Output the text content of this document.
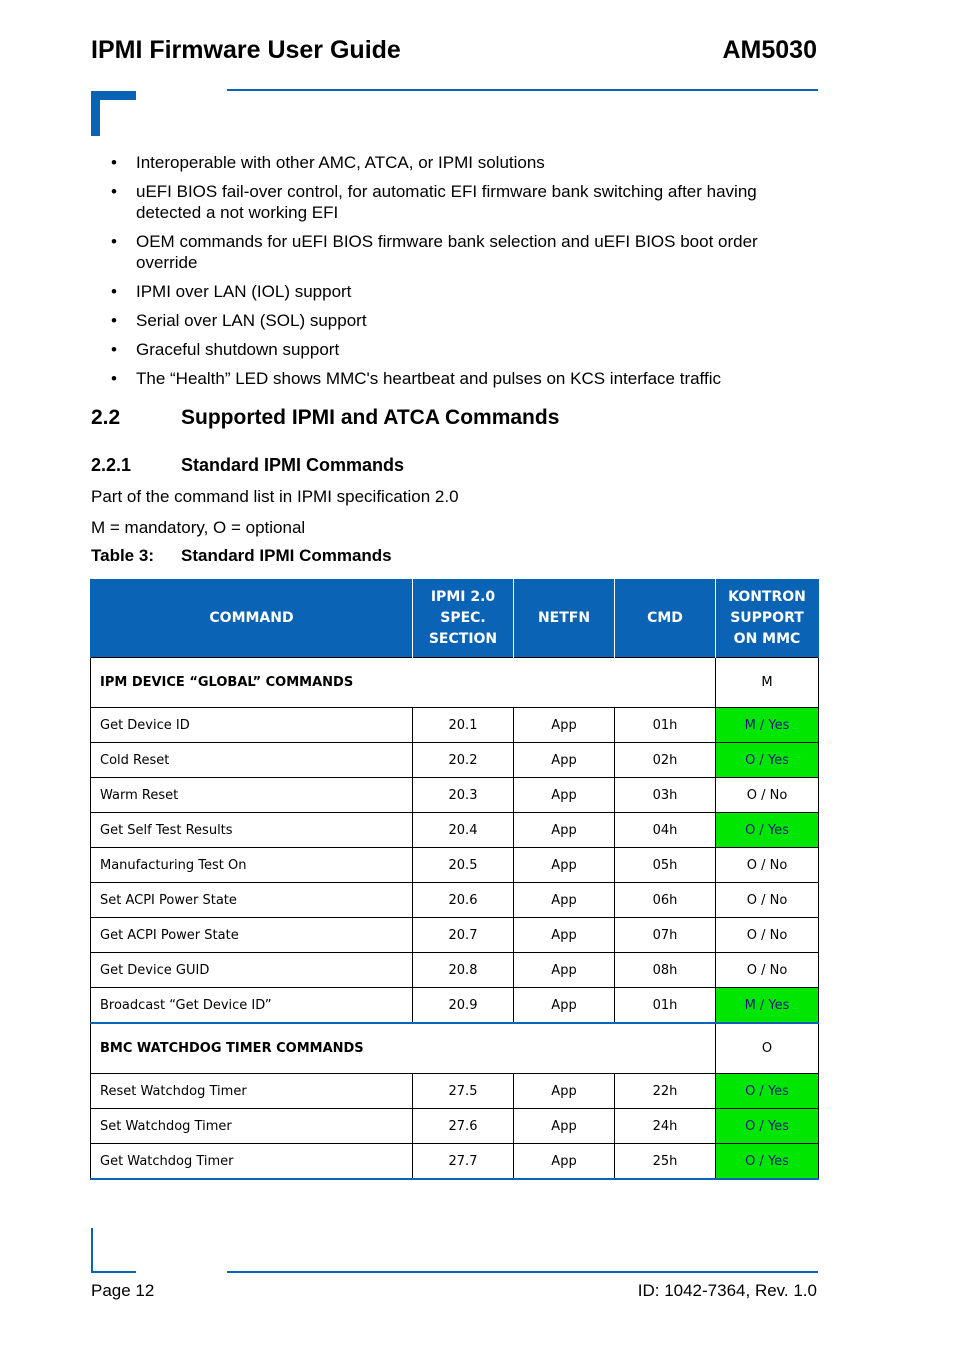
IPMI Firmware User Guide	AM5030
• Interoperable with other AMC, ATCA, or IPMI solutions
• uEFI BIOS fail-over control, for automatic EFI firmware bank switching after having detected a not working EFI
• OEM commands for uEFI BIOS firmware bank selection and uEFI BIOS boot order override
• IPMI over LAN (IOL) support
• Serial over LAN (SOL) support
• Graceful shutdown support
• The “Health” LED shows MMC's heartbeat and pulses on KCS interface traffic
2.2	Supported IPMI and ATCA Commands
2.2.1	Standard IPMI Commands
Part of the command list in IPMI specification 2.0
M = mandatory, O = optional
Table 3: Standard IPMI Commands
COMMAND	IPMI 2.0
SPEC.
SECTION	NETFN	CMD	KONTRON
SUPPORT
ON MMC
IPM DEVICE “GLOBAL” COMMANDS				M
Get Device ID	20.1	App	01h	M / Yes
Cold Reset	20.2	App	02h	O / Yes
Warm Reset	20.3	App	03h	O / No
Get Self Test Results	20.4	App	04h	O / Yes
Manufacturing Test On	20.5	App	05h	O / No
Set ACPI Power State	20.6	App	06h	O / No
Get ACPI Power State	20.7	App	07h	O / No
Get Device GUID	20.8	App	08h	O / No
Broadcast “Get Device ID”	20.9	App	01h	M / Yes
BMC WATCHDOG TIMER COMMANDS				O
Reset Watchdog Timer	27.5	App	22h	O / Yes
Set Watchdog Timer	27.6	App	24h	O / Yes
Get Watchdog Timer	27.7	App	25h	O / Yes
Page 12	ID: 1042-7364, Rev. 1.0
